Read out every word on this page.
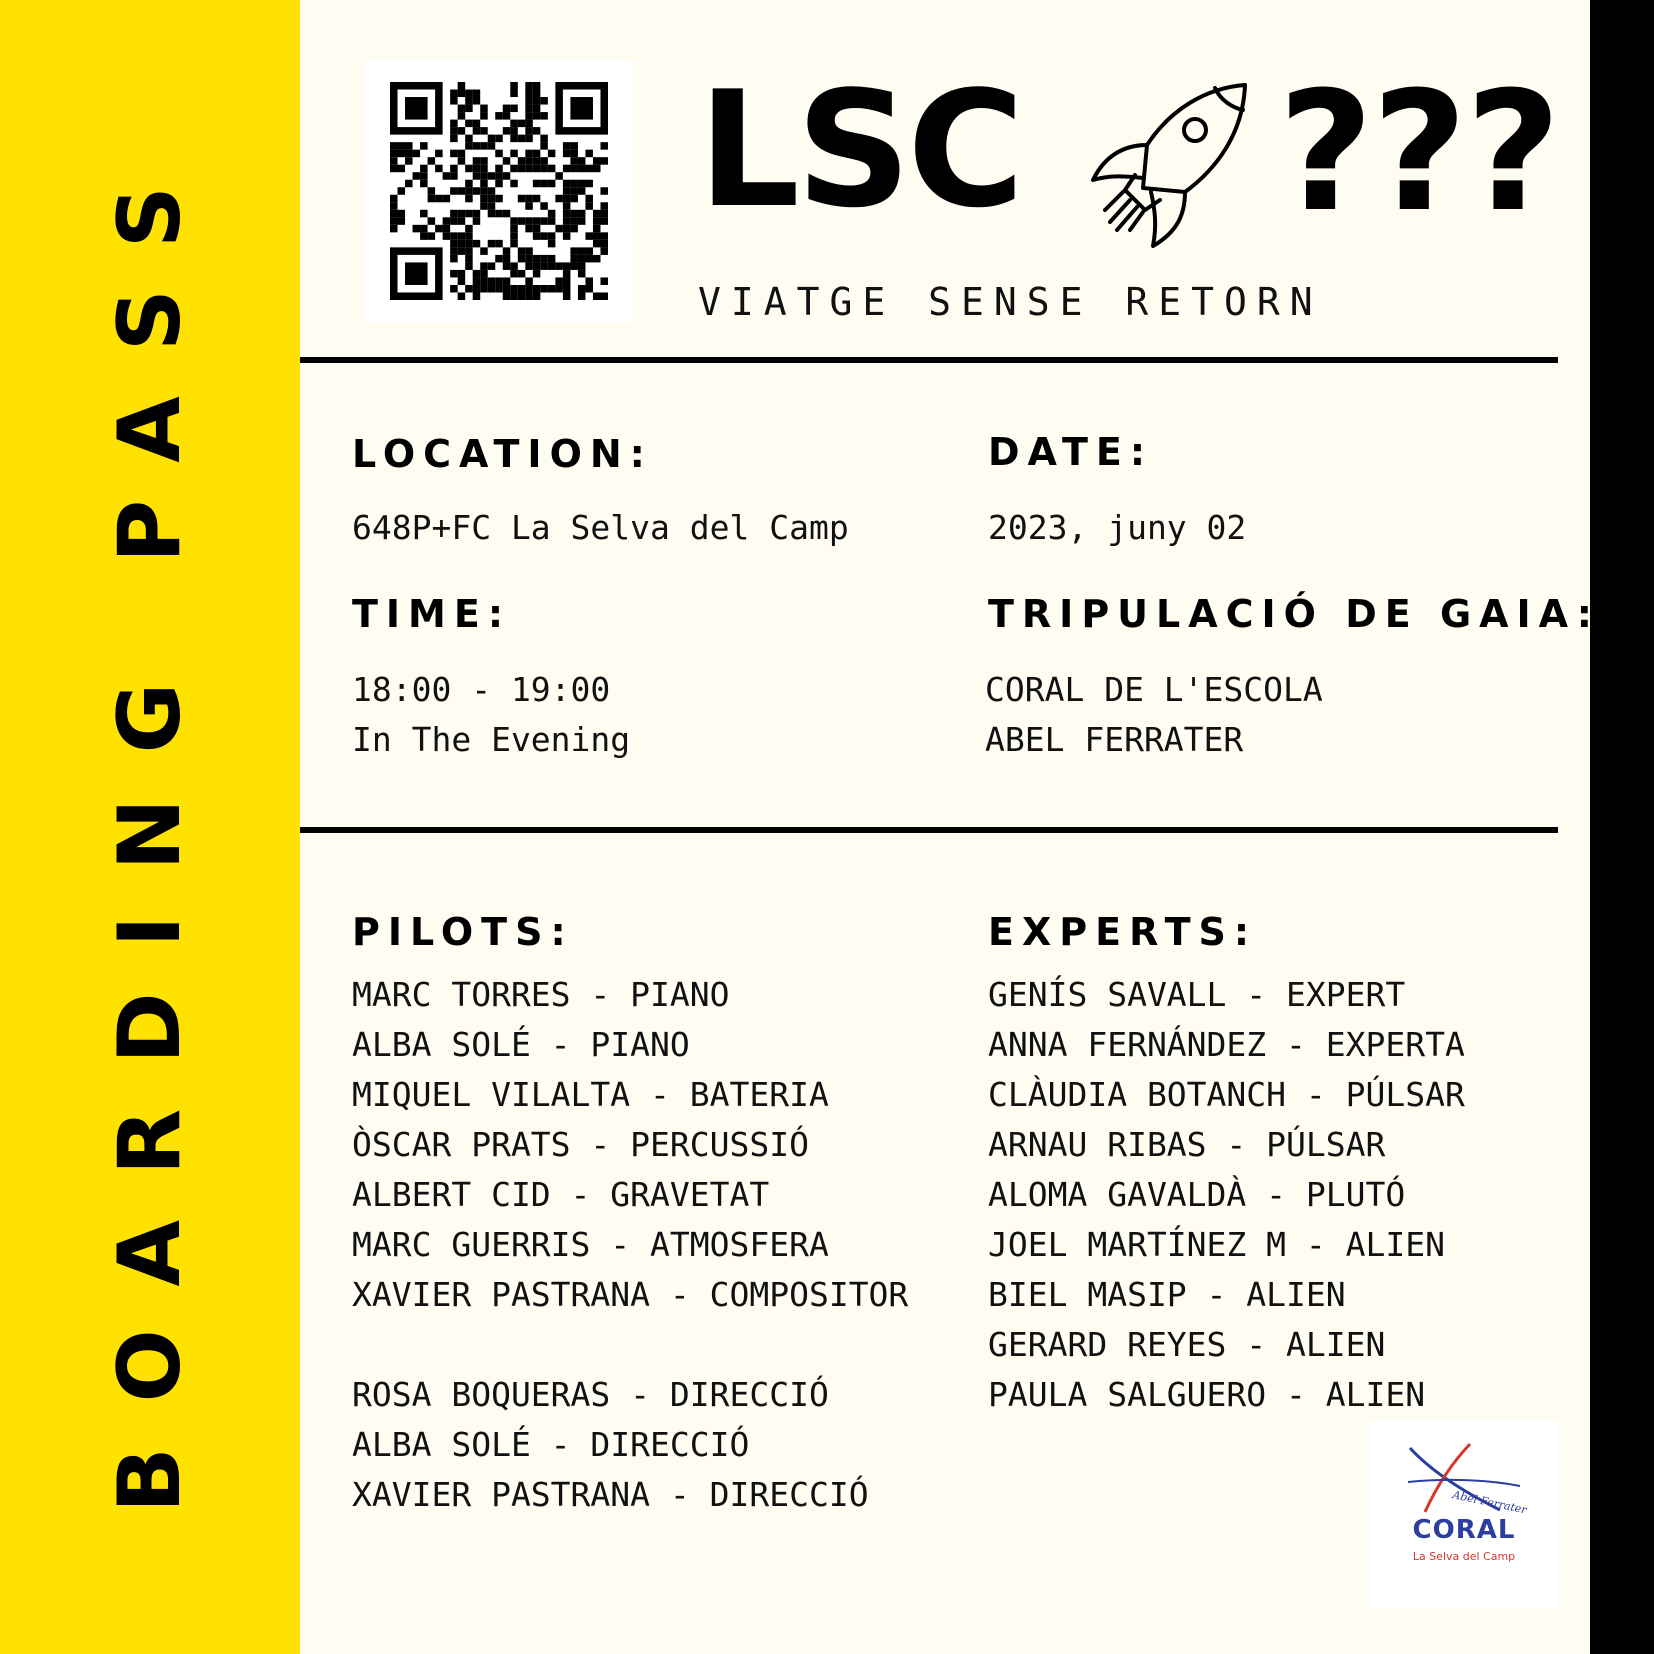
BOARDING PASS	LSC ???
VIATGE SENSE RETORN
LOCATION:
648P+FC La Selva del Camp
DATE:
2023, juny 02
TIME:
18:00 - 19:00
In The Evening
TRIPULACIÓ DE GAIA:
CORAL DE L'ESCOLA
ABEL FERRATER
PILOTS:
MARC TORRES - PIANO
ALBA SOLÉ - PIANO
MIQUEL VILALTA - BATERIA
ÒSCAR PRATS - PERCUSSIÓ
ALBERT CID - GRAVETAT
MARC GUERRIS - ATMOSFERA
XAVIER PASTRANA - COMPOSITOR
ROSA BOQUERAS - DIRECCIÓ
ALBA SOLÉ - DIRECCIÓ
XAVIER PASTRANA - DIRECCIÓ
EXPERTS:
GENÍS SAVALL - EXPERT
ANNA FERNÁNDEZ - EXPERTA
CLÀUDIA BOTANCH - PÚLSAR
ARNAU RIBAS - PÚLSAR
ALOMA GAVALDÀ - PLUTÓ
JOEL MARTÍNEZ M - ALIEN
BIEL MASIP - ALIEN
GERARD REYES - ALIEN
PAULA SALGUERO - ALIEN
Abel Ferrater
CORAL
La Selva del Camp
